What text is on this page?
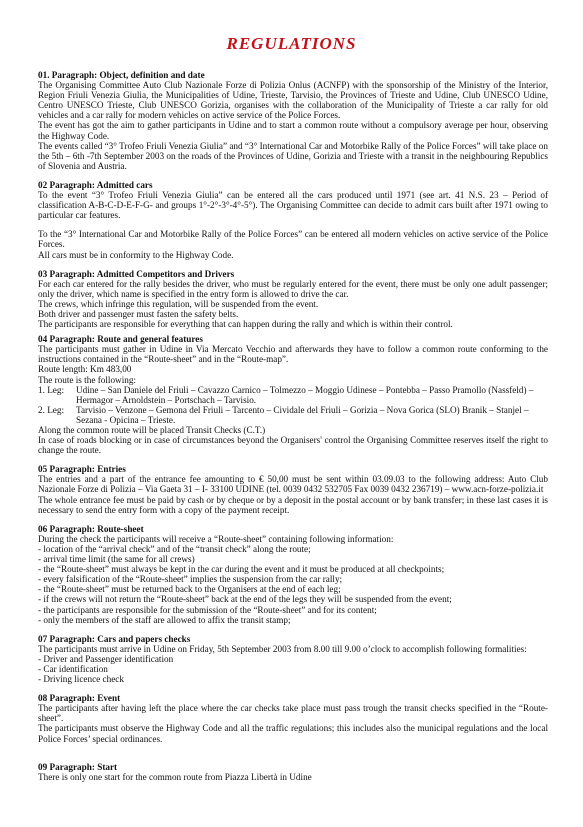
REGULATIONS
01. Paragraph: Object, definition and date

The Organising Committee Auto Club Nazionale Forze di Polizia Onlus (ACNFP) with the sponsorship of the Ministry of the Interior, Region Friuli Venezia Giulia, the Municipalities of Udine, Trieste, Tarvisio, the Provinces of Trieste and Udine, Club UNESCO Udine, Centro UNESCO Trieste, Club UNESCO Gorizia, organises with the collaboration of the Municipality of Trieste a car rally for old vehicles and a car rally for modern vehicles on active service of the Police Forces.

The event has got the aim to gather participants in Udine and to start a common route without a compulsory average per hour, observing the Highway Code.

The events called “3° Trofeo Friuli Venezia Giulia” and “3° International Car and Motorbike Rally of the Police Forces” will take place on the 5th – 6th -7th September 2003 on the roads of the Provinces of Udine, Gorizia and Trieste with a transit in the neighbouring Republics of Slovenia and Austria.

02 Paragraph: Admitted cars

To the event “3° Trofeo Friuli Venezia Giulia” can be entered all the cars produced until 1971 (see art. 41 N.S. 23 – Period of classification A-B-C-D-E-F-G- and groups 1°-2°-3°-4°-5°). The Organising Committee can decide to admit cars built after 1971 owing to particular car features.

To the “3° International Car and Motorbike Rally of the Police Forces” can be entered all modern vehicles on active service of the Police Forces.

All cars must be in conformity to the Highway Code.

03 Paragraph: Admitted Competitors and Drivers

For each car entered for the rally besides the driver, who must be regularly entered for the event, there must be only one adult passenger; only the driver, which name is specified in the entry form is allowed to drive the car.

The crews, which infringe this regulation, will be suspended from the event.

Both driver and passenger must fasten the safety belts.

The participants are responsible for everything that can happen during the rally and which is within their control.

04 Paragraph: Route and general features

The participants must gather in Udine in Via Mercato Vecchio and afterwards they have to follow a common route conforming to the instructions contained in the “Route-sheet” and in the “Route-map”.

Route length: Km 483,00

The route is the following:

1. Leg:	Udine – San Daniele del Friuli – Cavazzo Carnico – Tolmezzo – Moggio Udinese – Pontebba – Passo Pramollo (Nassfeld) – Hermagor – Arnoldstein – Portschach – Tarvisio.
2. Leg:	Tarvisio – Venzone – Gemona del Friuli – Tarcento – Cividale del Friuli – Gorizia – Nova Gorica (SLO) Branik – Stanjel – Sezana - Opicina – Trieste.

Along the common route will be placed Transit Checks (C.T.)

In case of roads blocking or in case of circumstances beyond the Organisers' control the Organising Committee reserves itself the right to change the route.

05 Paragraph: Entries

The entries and a part of the entrance fee amounting to € 50,00 must be sent within 03.09.03 to the following address: Auto Club Nazionale Forze di Polizia – Via Gaeta 31 – I- 33100 UDINE (tel. 0039 0432 532705 Fax 0039 0432 236719) – www.acn-forze-polizia.it

The whole entrance fee must be paid by cash or by cheque or by a deposit in the postal account or by bank transfer; in these last cases it is necessary to send the entry form with a copy of the payment receipt.

06 Paragraph: Route-sheet

During the check the participants will receive a “Route-sheet” containing following information:

- location of the “arrival check” and of the “transit check” along the route;

- arrival time limit (the same for all crews)

- the “Route-sheet” must always be kept in the car during the event and it must be produced at all checkpoints;

- every falsification of the “Route-sheet” implies the suspension from the car rally;

- the “Route-sheet” must be returned back to the Organisers at the end of each leg;

- if the crews will not return the “Route-sheet” back at the end of the legs they will be suspended from the event;

- the participants are responsible for the submission of the “Route-sheet” and for its content;

- only the members of the staff are allowed to affix the transit stamp;

07 Paragraph: Cars and papers checks

The participants must arrive in Udine on Friday, 5th September 2003 from 8.00 till 9.00 o’clock to accomplish following formalities:

- Driver and Passenger identification

- Car identification

- Driving licence check

08 Paragraph: Event

The participants after having left the place where the car checks take place must pass trough the transit checks specified in the “Route-sheet”.

The participants must observe the Highway Code and all the traffic regulations; this includes also the municipal regulations and the local Police Forces’ special ordinances.

09 Paragraph: Start

There is only one start for the common route from Piazza Libertà in Udine
